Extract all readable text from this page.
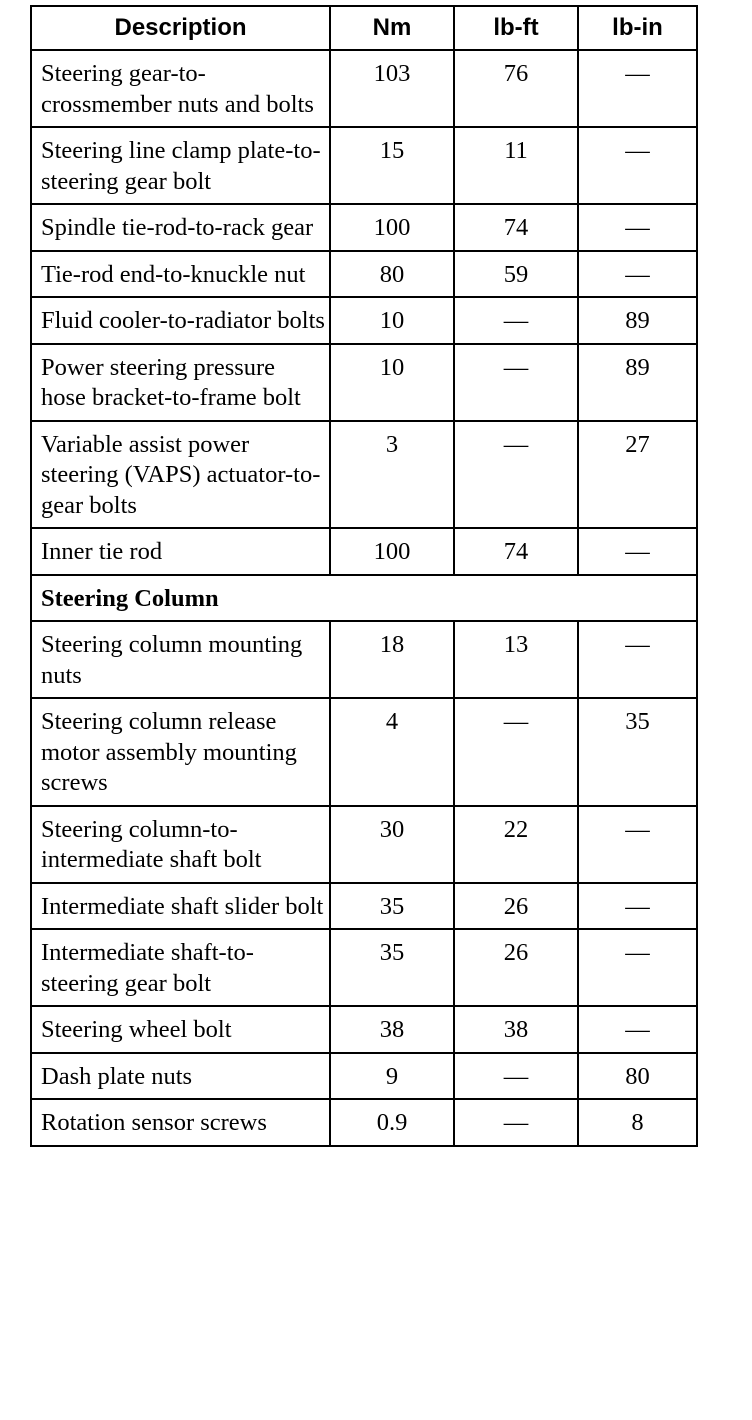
Description	Nm	lb-ft	lb-in
Steering gear-to-crossmember nuts and bolts	103	76	—
Steering line clamp plate-to-steering gear bolt	15	11	—
Spindle tie-rod-to-rack gear	100	74	—
Tie-rod end-to-knuckle nut	80	59	—
Fluid cooler-to-radiator bolts	10	—	89
Power steering pressure hose bracket-to-frame bolt	10	—	89
Variable assist power steering (VAPS) actuator-to-gear bolts	3	—	27
Inner tie rod	100	74	—
Steering Column			
Steering column mounting nuts	18	13	—
Steering column release motor assembly mounting screws	4	—	35
Steering column-to-intermediate shaft bolt	30	22	—
Intermediate shaft slider bolt	35	26	—
Intermediate shaft-to-steering gear bolt	35	26	—
Steering wheel bolt	38	38	—
Dash plate nuts	9	—	80
Rotation sensor screws	0.9	—	8
